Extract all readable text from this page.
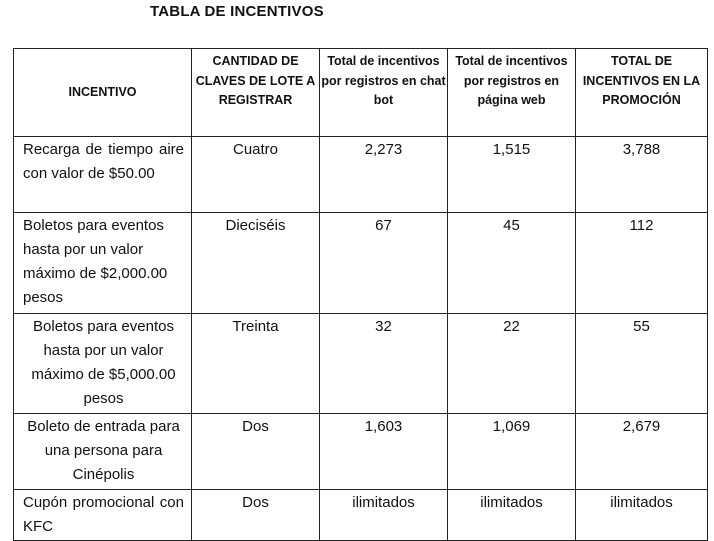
TABLA DE INCENTIVOS
INCENTIVO	CANTIDAD DE CLAVES DE LOTE A REGISTRAR	Total de incentivos por registros en chat bot	Total de incentivos por registros en página web	TOTAL DE INCENTIVOS EN LA PROMOCIÓN
Recarga de tiempo aire con valor de $50.00	Cuatro	2,273	1,515	3,788
Boletos para eventos hasta por un valor máximo de $2,000.00 pesos	Dieciséis	67	45	112
Boletos para eventos hasta por un valor máximo de $5,000.00 pesos	Treinta	32	22	55
Boleto de entrada para una persona para Cinépolis	Dos	1,603	1,069	2,679
Cupón promocional con KFC	Dos	ilimitados	ilimitados	ilimitados
